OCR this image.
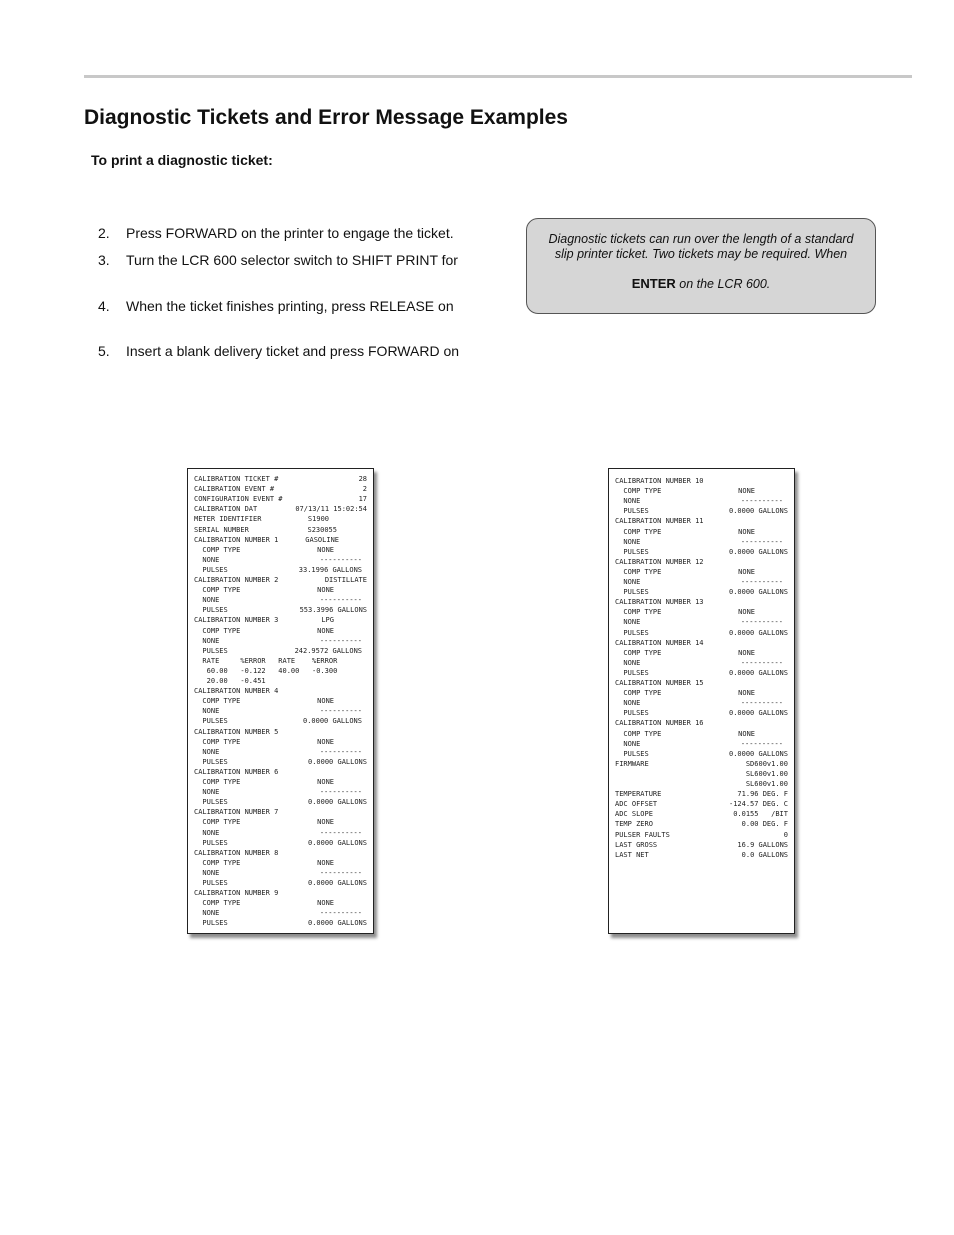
Diagnostic Tickets and Error Message Examples
To print a diagnostic ticket:
2. Press FORWARD on the printer to engage the ticket.
3. Turn the LCR 600 selector switch to SHIFT PRINT for
4. When the ticket finishes printing, press RELEASE on
5. Insert a blank delivery ticket and press FORWARD on
Diagnostic tickets can run over the length of a standard
slip printer ticket. Two tickets may be required. When
ENTER on the LCR 600.
CALIBRATION TICKET #	28
CALIBRATION EVENT #	2
CONFIGURATION EVENT #	17
CALIBRATION DAT	07/13/11 15:02:54
METER IDENTIFIER	S1900
SERIAL NUMBER	S230055
CALIBRATION NUMBER 1	GASOLINE
COMP TYPE	NONE
NONE	----------
PULSES	33.1996 GALLONS
CALIBRATION NUMBER 2	DISTILLATE
COMP TYPE	NONE
NONE	----------
PULSES	553.3996 GALLONS
CALIBRATION NUMBER 3	LPG
COMP TYPE	NONE
NONE	----------
PULSES	242.9572 GALLONS
RATE     %ERROR   RATE    %ERROR
60.00   -0.122   40.00   -0.300
20.00   -0.451
CALIBRATION NUMBER 4
COMP TYPE	NONE
NONE	----------
PULSES	0.0000 GALLONS
CALIBRATION NUMBER 5
COMP TYPE	NONE
NONE	----------
PULSES	0.0000 GALLONS
CALIBRATION NUMBER 6
COMP TYPE	NONE
NONE	----------
PULSES	0.0000 GALLONS
CALIBRATION NUMBER 7
COMP TYPE	NONE
NONE	----------
PULSES	0.0000 GALLONS
CALIBRATION NUMBER 8
COMP TYPE	NONE
NONE	----------
PULSES	0.0000 GALLONS
CALIBRATION NUMBER 9
COMP TYPE	NONE
NONE	----------
PULSES	0.0000 GALLONS
CALIBRATION NUMBER 10
COMP TYPE	NONE
NONE	----------
PULSES	0.0000 GALLONS
CALIBRATION NUMBER 11
COMP TYPE	NONE
NONE	----------
PULSES	0.0000 GALLONS
CALIBRATION NUMBER 12
COMP TYPE	NONE
NONE	----------
PULSES	0.0000 GALLONS
CALIBRATION NUMBER 13
COMP TYPE	NONE
NONE	----------
PULSES	0.0000 GALLONS
CALIBRATION NUMBER 14
COMP TYPE	NONE
NONE	----------
PULSES	0.0000 GALLONS
CALIBRATION NUMBER 15
COMP TYPE	NONE
NONE	----------
PULSES	0.0000 GALLONS
CALIBRATION NUMBER 16
COMP TYPE	NONE
NONE	----------
PULSES	0.0000 GALLONS
FIRMWARE	SD600v1.00
SL600v1.00
SL600v1.00
TEMPERATURE	71.96 DEG. F
ADC OFFSET	-124.57 DEG. C
ADC SLOPE	0.0155   /BIT
TEMP ZERO	0.00 DEG. F
PULSER FAULTS	0
LAST GROSS	16.9 GALLONS
LAST NET	0.0 GALLONS
